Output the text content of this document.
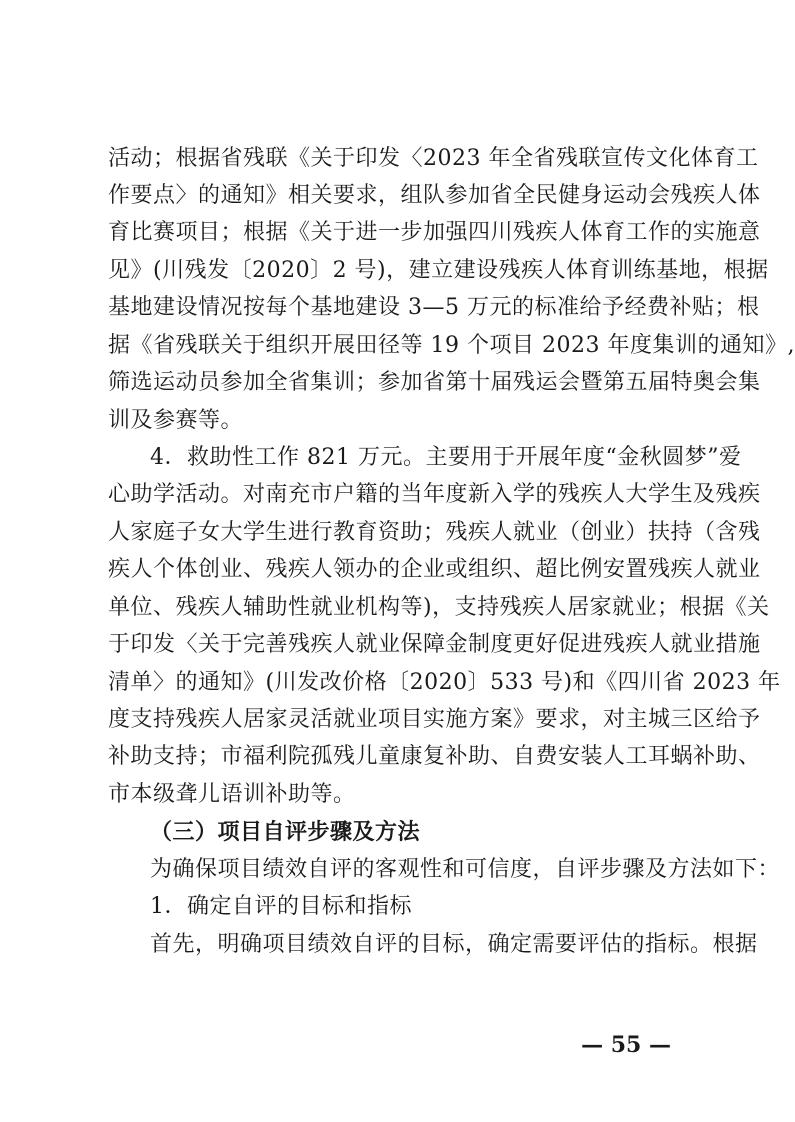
活动；根据省残联《关于印发〈2023 年全省残联宣传文化体育工
作要点〉的通知》相关要求，组队参加省全民健身运动会残疾人体
育比赛项目；根据《关于进一步加强四川残疾人体育工作的实施意
见》(川残发〔2020〕2 号)，建立建设残疾人体育训练基地，根据
基地建设情况按每个基地建设 3—5 万元的标准给予经费补贴；根
据《省残联关于组织开展田径等 19 个项目 2023 年度集训的通知》,
筛选运动员参加全省集训；参加省第十届残运会暨第五届特奥会集
训及参赛等。
4．救助性工作 821 万元。主要用于开展年度“金秋圆梦”爱
心助学活动。对南充市户籍的当年度新入学的残疾人大学生及残疾
人家庭子女大学生进行教育资助；残疾人就业（创业）扶持（含残
疾人个体创业、残疾人领办的企业或组织、超比例安置残疾人就业
单位、残疾人辅助性就业机构等)，支持残疾人居家就业；根据《关
于印发〈关于完善残疾人就业保障金制度更好促进残疾人就业措施
清单〉的通知》(川发改价格〔2020〕533 号)和《四川省 2023 年
度支持残疾人居家灵活就业项目实施方案》要求，对主城三区给予
补助支持；市福利院孤残儿童康复补助、自费安装人工耳蜗补助、
市本级聋儿语训补助等。
（三）项目自评步骤及方法
为确保项目绩效自评的客观性和可信度，自评步骤及方法如下：
1．确定自评的目标和指标
首先，明确项目绩效自评的目标，确定需要评估的指标。根据
— 55 —
